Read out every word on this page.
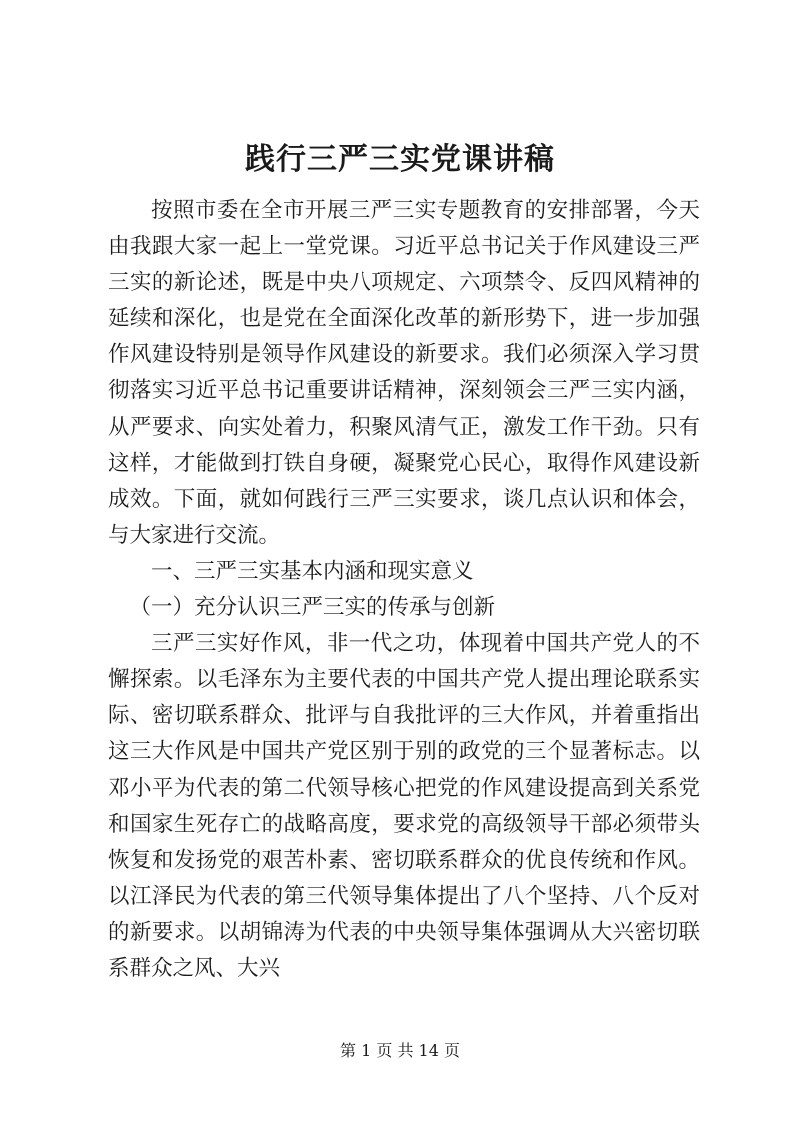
践行三严三实党课讲稿

按照市委在全市开展三严三实专题教育的安排部署，今天由我跟大家一起上一堂党课。习近平总书记关于作风建设三严三实的新论述，既是中央八项规定、六项禁令、反四风精神的延续和深化，也是党在全面深化改革的新形势下，进一步加强作风建设特别是领导作风建设的新要求。我们必须深入学习贯彻落实习近平总书记重要讲话精神，深刻领会三严三实内涵，从严要求、向实处着力，积聚风清气正，激发工作干劲。只有这样，才能做到打铁自身硬，凝聚党心民心，取得作风建设新成效。下面，就如何践行三严三实要求，谈几点认识和体会，与大家进行交流。

一、三严三实基本内涵和现实意义

（一）充分认识三严三实的传承与创新

三严三实好作风，非一代之功，体现着中国共产党人的不懈探索。以毛泽东为主要代表的中国共产党人提出理论联系实际、密切联系群众、批评与自我批评的三大作风，并着重指出这三大作风是中国共产党区别于别的政党的三个显著标志。以邓小平为代表的第二代领导核心把党的作风建设提高到关系党和国家生死存亡的战略高度，要求党的高级领导干部必须带头恢复和发扬党的艰苦朴素、密切联系群众的优良传统和作风。以江泽民为代表的第三代领导集体提出了八个坚持、八个反对的新要求。以胡锦涛为代表的中央领导集体强调从大兴密切联系群众之风、大兴

第 1 页 共 14 页
